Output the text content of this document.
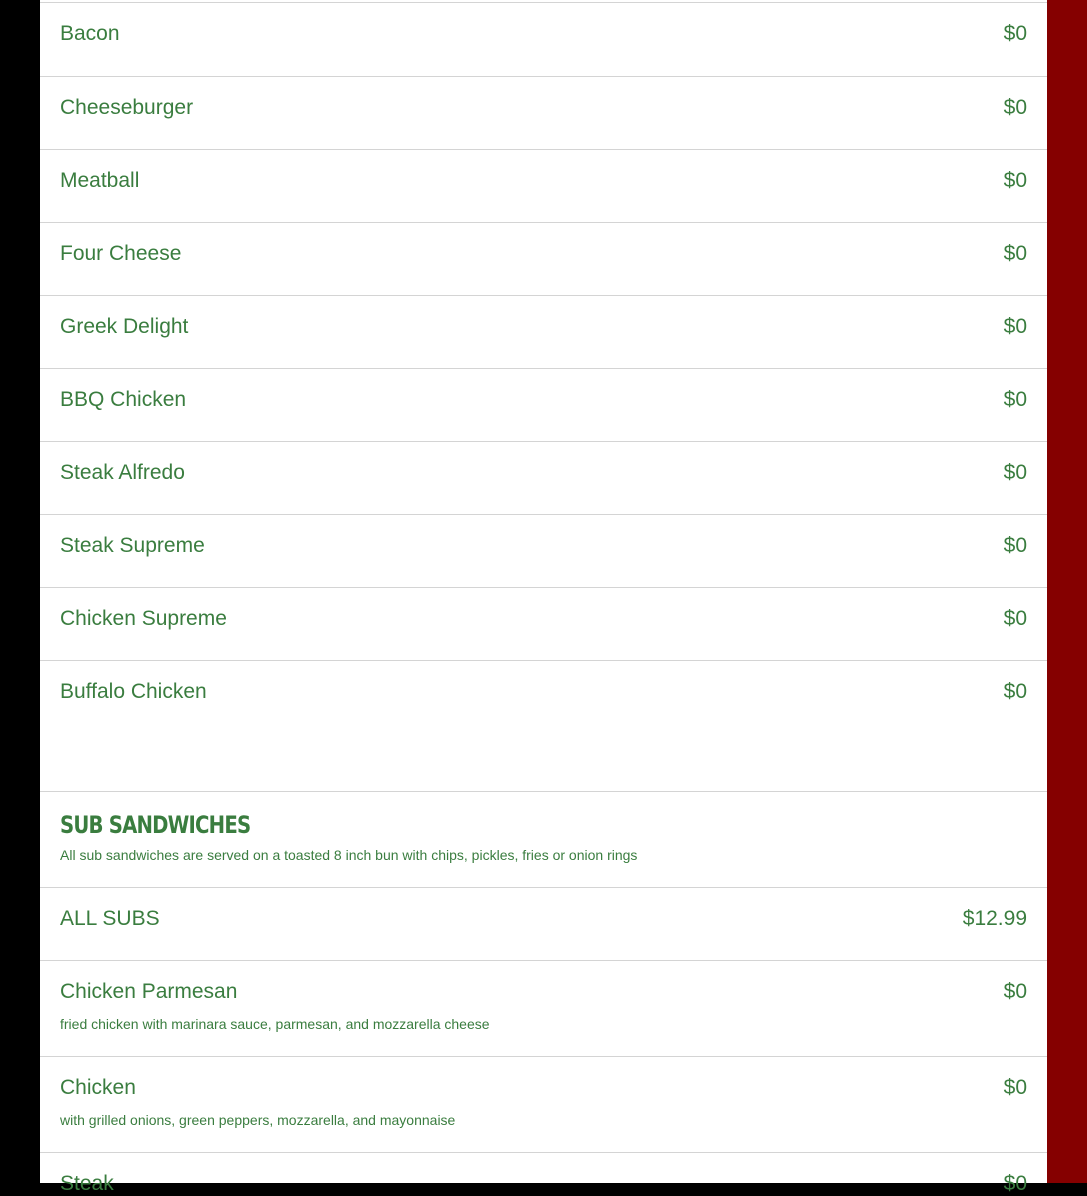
Bacon	$0
Cheeseburger	$0
Meatball	$0
Four Cheese	$0
Greek Delight	$0
BBQ Chicken	$0
Steak Alfredo	$0
Steak Supreme	$0
Chicken Supreme	$0
Buffalo Chicken	$0
SUB SANDWICHES
All sub sandwiches are served on a toasted 8 inch bun with chips, pickles, fries or onion rings
ALL SUBS	$12.99
Chicken Parmesan	$0
fried chicken with marinara sauce, parmesan, and mozzarella cheese
Chicken	$0
with grilled onions, green peppers, mozzarella, and mayonnaise
Steak	$0
